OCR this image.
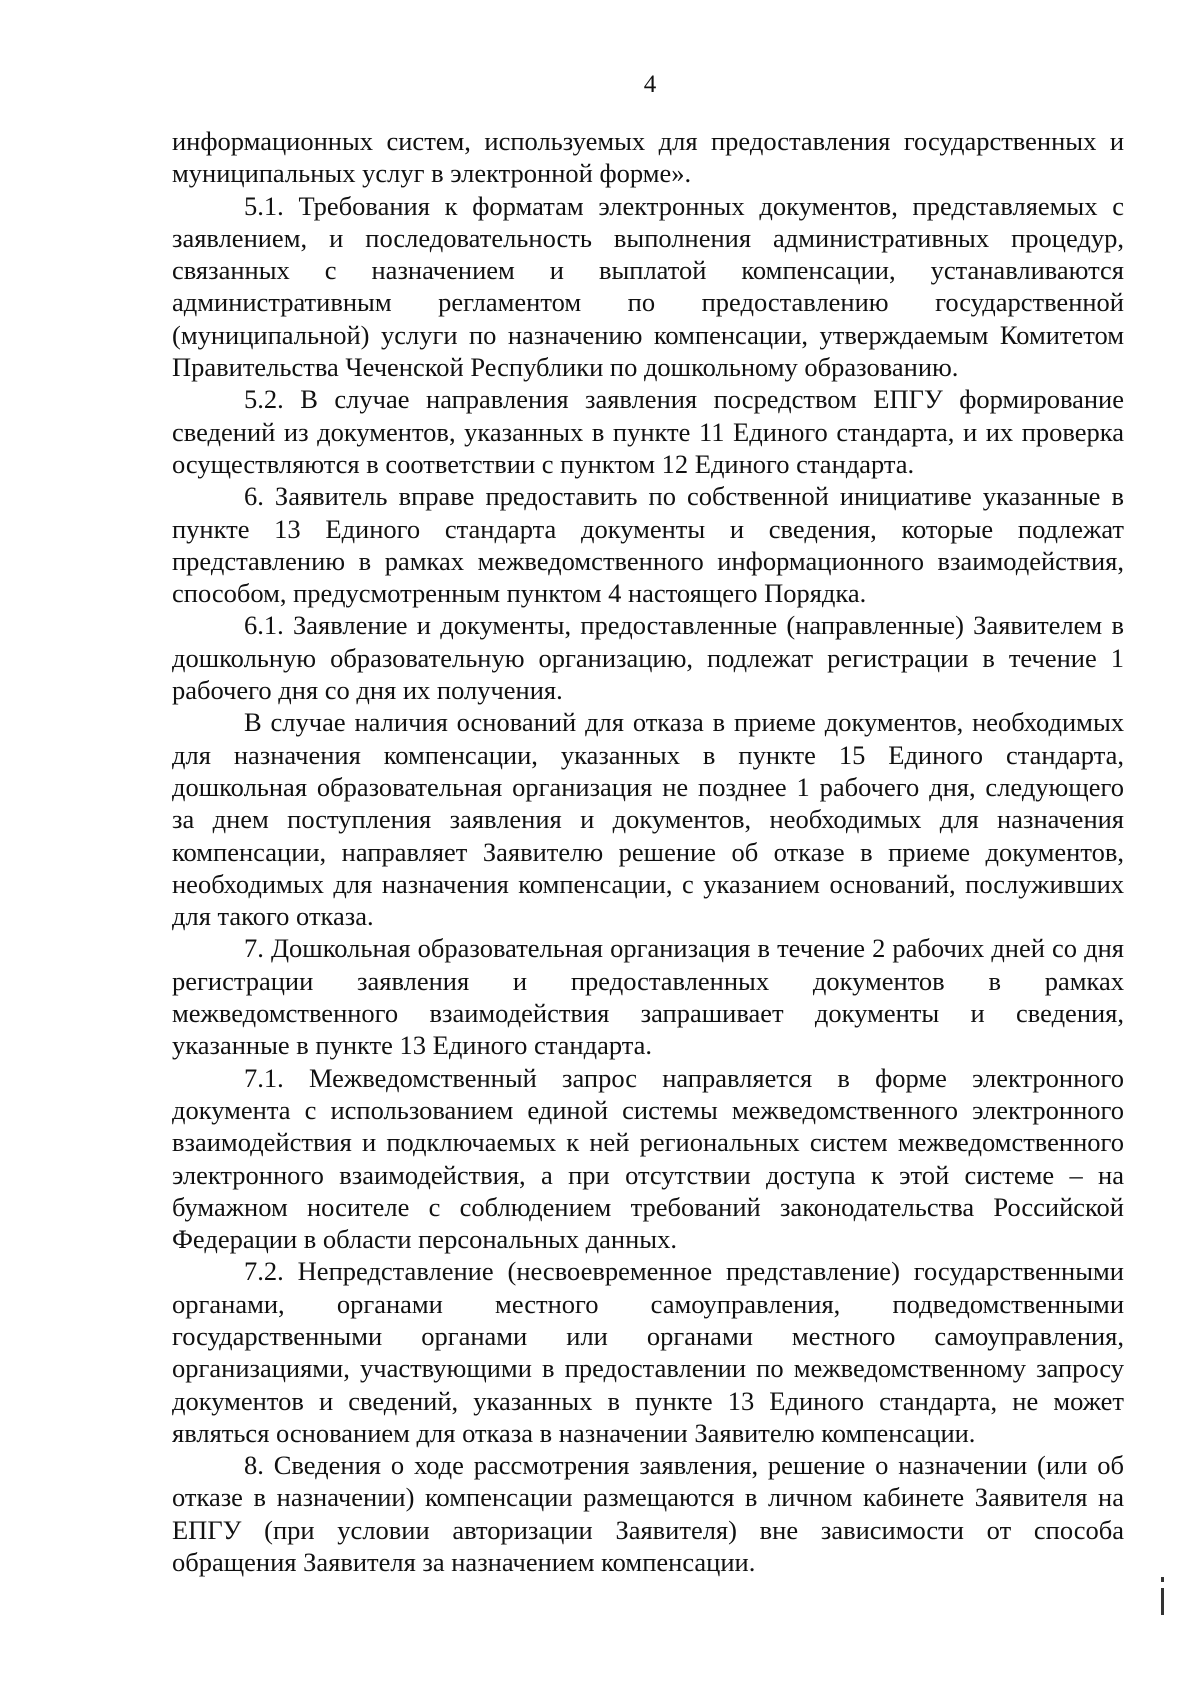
4

информационных систем, используемых для предоставления государственных и муниципальных услуг в электронной форме».

5.1. Требования к форматам электронных документов, представляемых с заявлением, и последовательность выполнения административных процедур, связанных с назначением и выплатой компенсации, устанавливаются административным регламентом по предоставлению государственной (муниципальной) услуги по назначению компенсации, утверждаемым Комитетом Правительства Чеченской Республики по дошкольному образованию.

5.2. В случае направления заявления посредством ЕПГУ формирование сведений из документов, указанных в пункте 11 Единого стандарта, и их проверка осуществляются в соответствии с пунктом 12 Единого стандарта.

6. Заявитель вправе предоставить по собственной инициативе указанные в пункте 13 Единого стандарта документы и сведения, которые подлежат представлению в рамках межведомственного информационного взаимодействия, способом, предусмотренным пунктом 4 настоящего Порядка.

6.1. Заявление и документы, предоставленные (направленные) Заявителем в дошкольную образовательную организацию, подлежат регистрации в течение 1 рабочего дня со дня их получения.

В случае наличия оснований для отказа в приеме документов, необходимых для назначения компенсации, указанных в пункте 15 Единого стандарта, дошкольная образовательная организация не позднее 1 рабочего дня, следующего за днем поступления заявления и документов, необходимых для назначения компенсации, направляет Заявителю решение об отказе в приеме документов, необходимых для назначения компенсации, с указанием оснований, послуживших для такого отказа.

7. Дошкольная образовательная организация в течение 2 рабочих дней со дня регистрации заявления и предоставленных документов в рамках межведомственного взаимодействия запрашивает документы и сведения, указанные в пункте 13 Единого стандарта.

7.1. Межведомственный запрос направляется в форме электронного документа с использованием единой системы межведомственного электронного взаимодействия и подключаемых к ней региональных систем межведомственного электронного взаимодействия, а при отсутствии доступа к этой системе – на бумажном носителе с соблюдением требований законодательства Российской Федерации в области персональных данных.

7.2. Непредставление (несвоевременное представление) государственными органами, органами местного самоуправления, подведомственными государственными органами или органами местного самоуправления, организациями, участвующими в предоставлении по межведомственному запросу документов и сведений, указанных в пункте 13 Единого стандарта, не может являться основанием для отказа в назначении Заявителю компенсации.

8. Сведения о ходе рассмотрения заявления, решение о назначении (или об отказе в назначении) компенсации размещаются в личном кабинете Заявителя на ЕПГУ (при условии авторизации Заявителя) вне зависимости от способа обращения Заявителя за назначением компенсации.
